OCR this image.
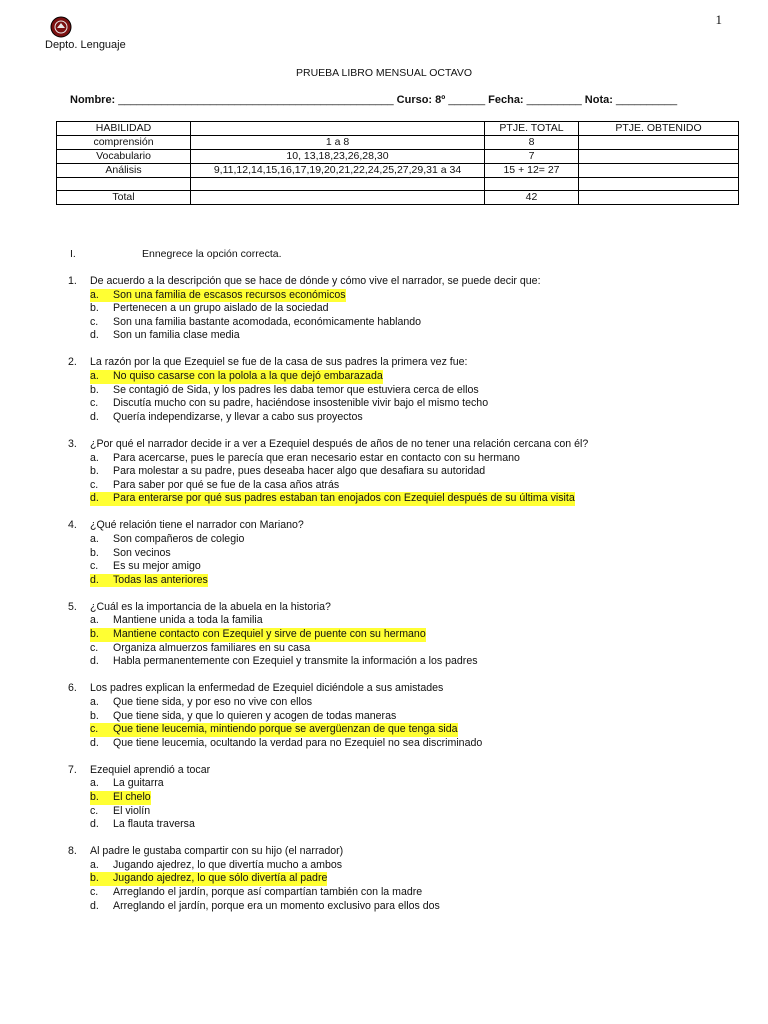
1
Depto. Lenguaje
PRUEBA LIBRO MENSUAL OCTAVO
Nombre: _____________________________________________ Curso: 8º ______ Fecha: _________ Nota: __________
HABILIDAD		PTJE. TOTAL	PTJE. OBTENIDO
comprensión	1 a 8	8	
Vocabulario	10, 13,18,23,26,28,30	7	
Análisis	9,11,12,14,15,16,17,19,20,21,22,24,25,27,29,31 a 34	15 + 12= 27	

Total		42	
I.	Ennegrece la opción correcta.
1.	De acuerdo a la descripción que se hace de dónde y cómo vive el narrador, se puede decir que:
a.	Son una familia de escasos recursos económicos
b.	Pertenecen a un grupo aislado de la sociedad
c.	Son una familia bastante acomodada, económicamente hablando
d.	Son un familia clase media
2.	La razón por la que Ezequiel se fue de la casa de sus padres la primera vez fue:
a.	No quiso casarse con la polola a la que dejó embarazada
b.	Se contagió de Sida, y los padres les daba temor que estuviera cerca de ellos
c.	Discutía mucho con su padre, haciéndose insostenible vivir bajo el mismo techo
d.	Quería independizarse, y llevar a cabo sus proyectos
3.	¿Por qué el narrador decide ir a ver a Ezequiel después de años de no tener una relación cercana con él?
a.	Para acercarse, pues le parecía que eran necesario estar en contacto con su hermano
b.	Para molestar a su padre, pues deseaba hacer algo que desafiara su autoridad
c.	Para saber por qué se fue de la casa años atrás
d.	Para enterarse por qué sus padres estaban tan enojados con Ezequiel después de su última visita
4.	¿Qué relación tiene el narrador con Mariano?
a.	Son compañeros de colegio
b.	Son vecinos
c.	Es su mejor amigo
d.	Todas las anteriores
5.	¿Cuál es la importancia de la abuela en la historia?
a.	Mantiene unida a toda la familia
b.	Mantiene contacto con Ezequiel y sirve de puente con su hermano
c.	Organiza almuerzos familiares en su casa
d.	Habla permanentemente con Ezequiel y transmite la información a los padres
6.	Los padres explican la enfermedad de Ezequiel diciéndole a sus amistades
a.	Que tiene sida, y por eso no vive con ellos
b.	Que tiene sida, y que lo quieren y acogen de todas maneras
c.	Que tiene leucemia, mintiendo porque se avergüenzan de que tenga sida
d.	Que tiene leucemia, ocultando la verdad para no Ezequiel no sea discriminado
7.	Ezequiel aprendió a tocar
a.	La guitarra
b.	El chelo
c.	El violín
d.	La flauta traversa
8.	Al padre le gustaba compartir con su hijo (el narrador)
a.	Jugando ajedrez, lo que divertía mucho a ambos
b.	Jugando ajedrez, lo que sólo divertía al padre
c.	Arreglando el jardín, porque así compartían también con la madre
d.	Arreglando el jardín, porque era un momento exclusivo para ellos dos
